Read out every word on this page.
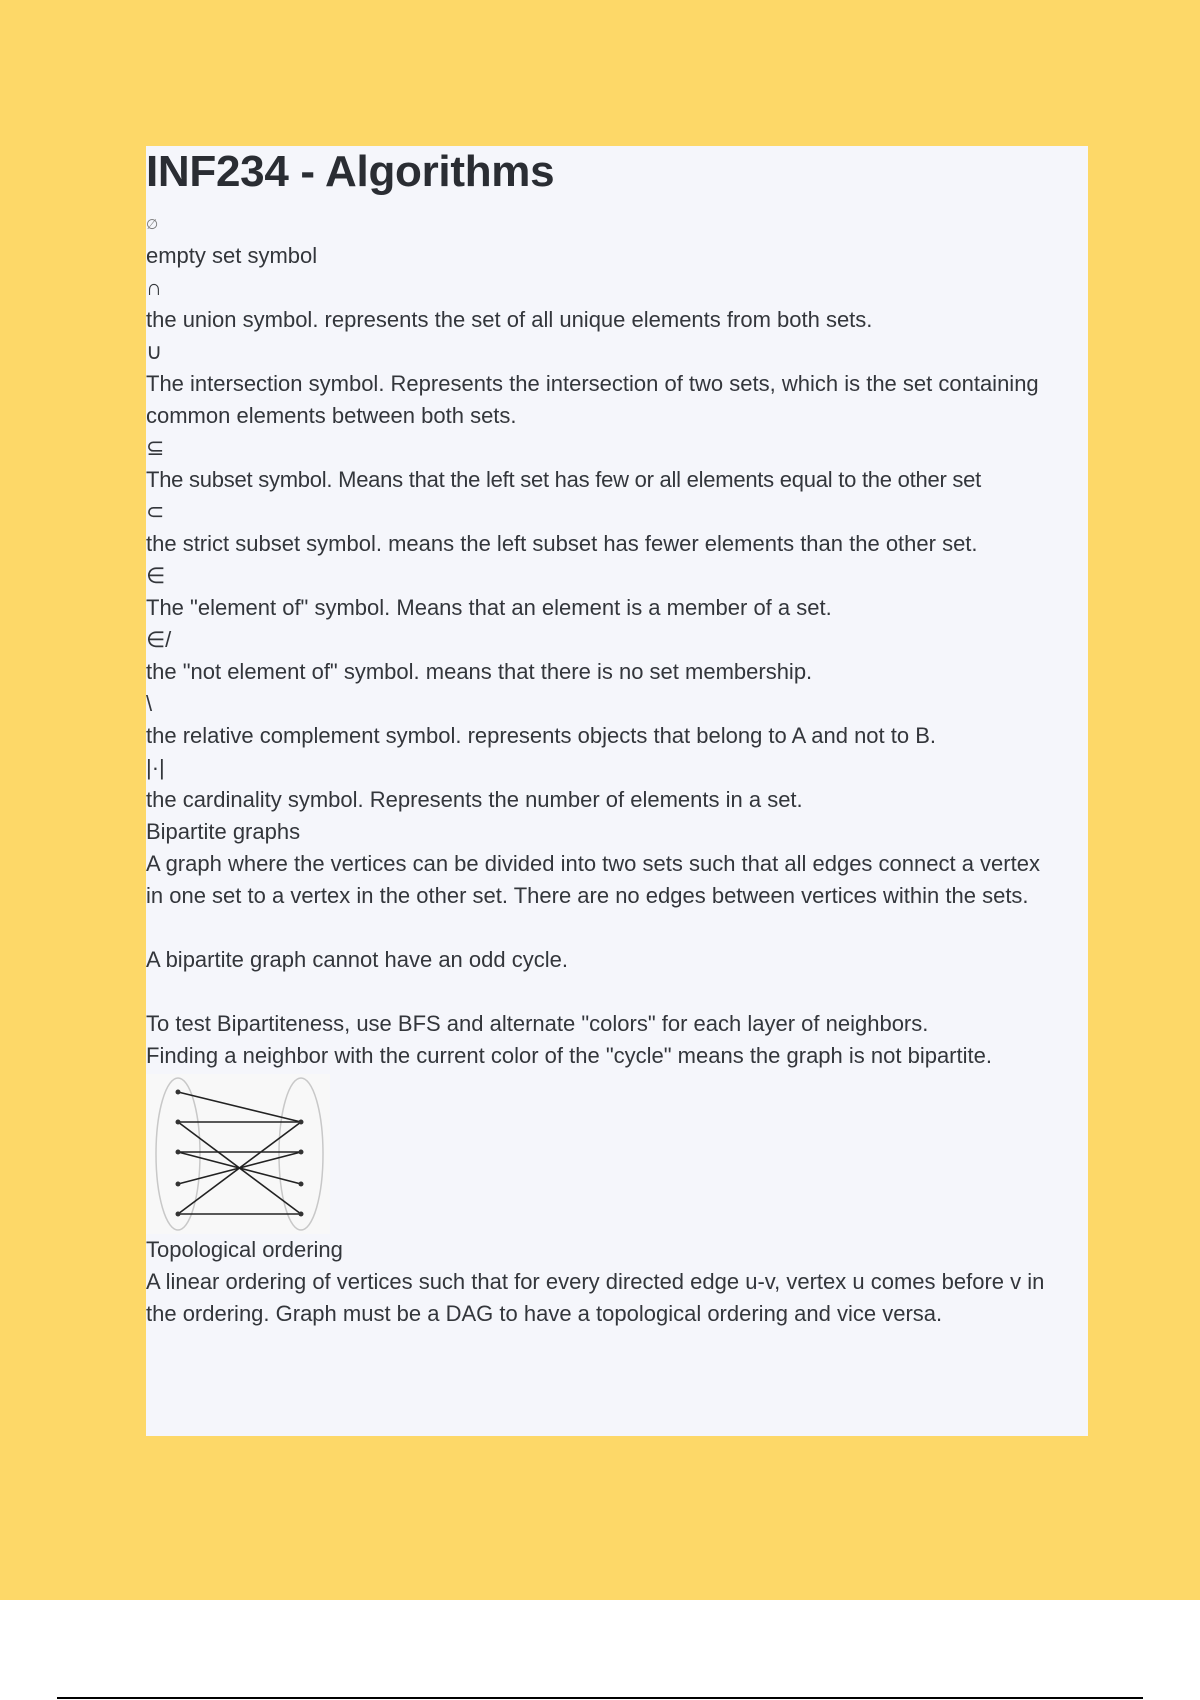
INF234 - Algorithms
∅
empty set symbol
∩
the union symbol. represents the set of all unique elements from both sets.
∪
The intersection symbol. Represents the intersection of two sets, which is the set containing common elements between both sets.
⊆
The subset symbol. Means that the left set has few or all elements equal to the other set
⊂
the strict subset symbol. means the left subset has fewer elements than the other set.
∈
The "element of" symbol. Means that an element is a member of a set.
∈/
the "not element of" symbol. means that there is no set membership.
\
the relative complement symbol. represents objects that belong to A and not to B.
|·|
the cardinality symbol. Represents the number of elements in a set.
Bipartite graphs
A graph where the vertices can be divided into two sets such that all edges connect a vertex in one set to a vertex in the other set. There are no edges between vertices within the sets.
A bipartite graph cannot have an odd cycle.
To test Bipartiteness, use BFS and alternate "colors" for each layer of neighbors.
Finding a neighbor with the current color of the "cycle" means the graph is not bipartite.
Topological ordering
A linear ordering of vertices such that for every directed edge u-v, vertex u comes before v in the ordering. Graph must be a DAG to have a topological ordering and vice versa.
